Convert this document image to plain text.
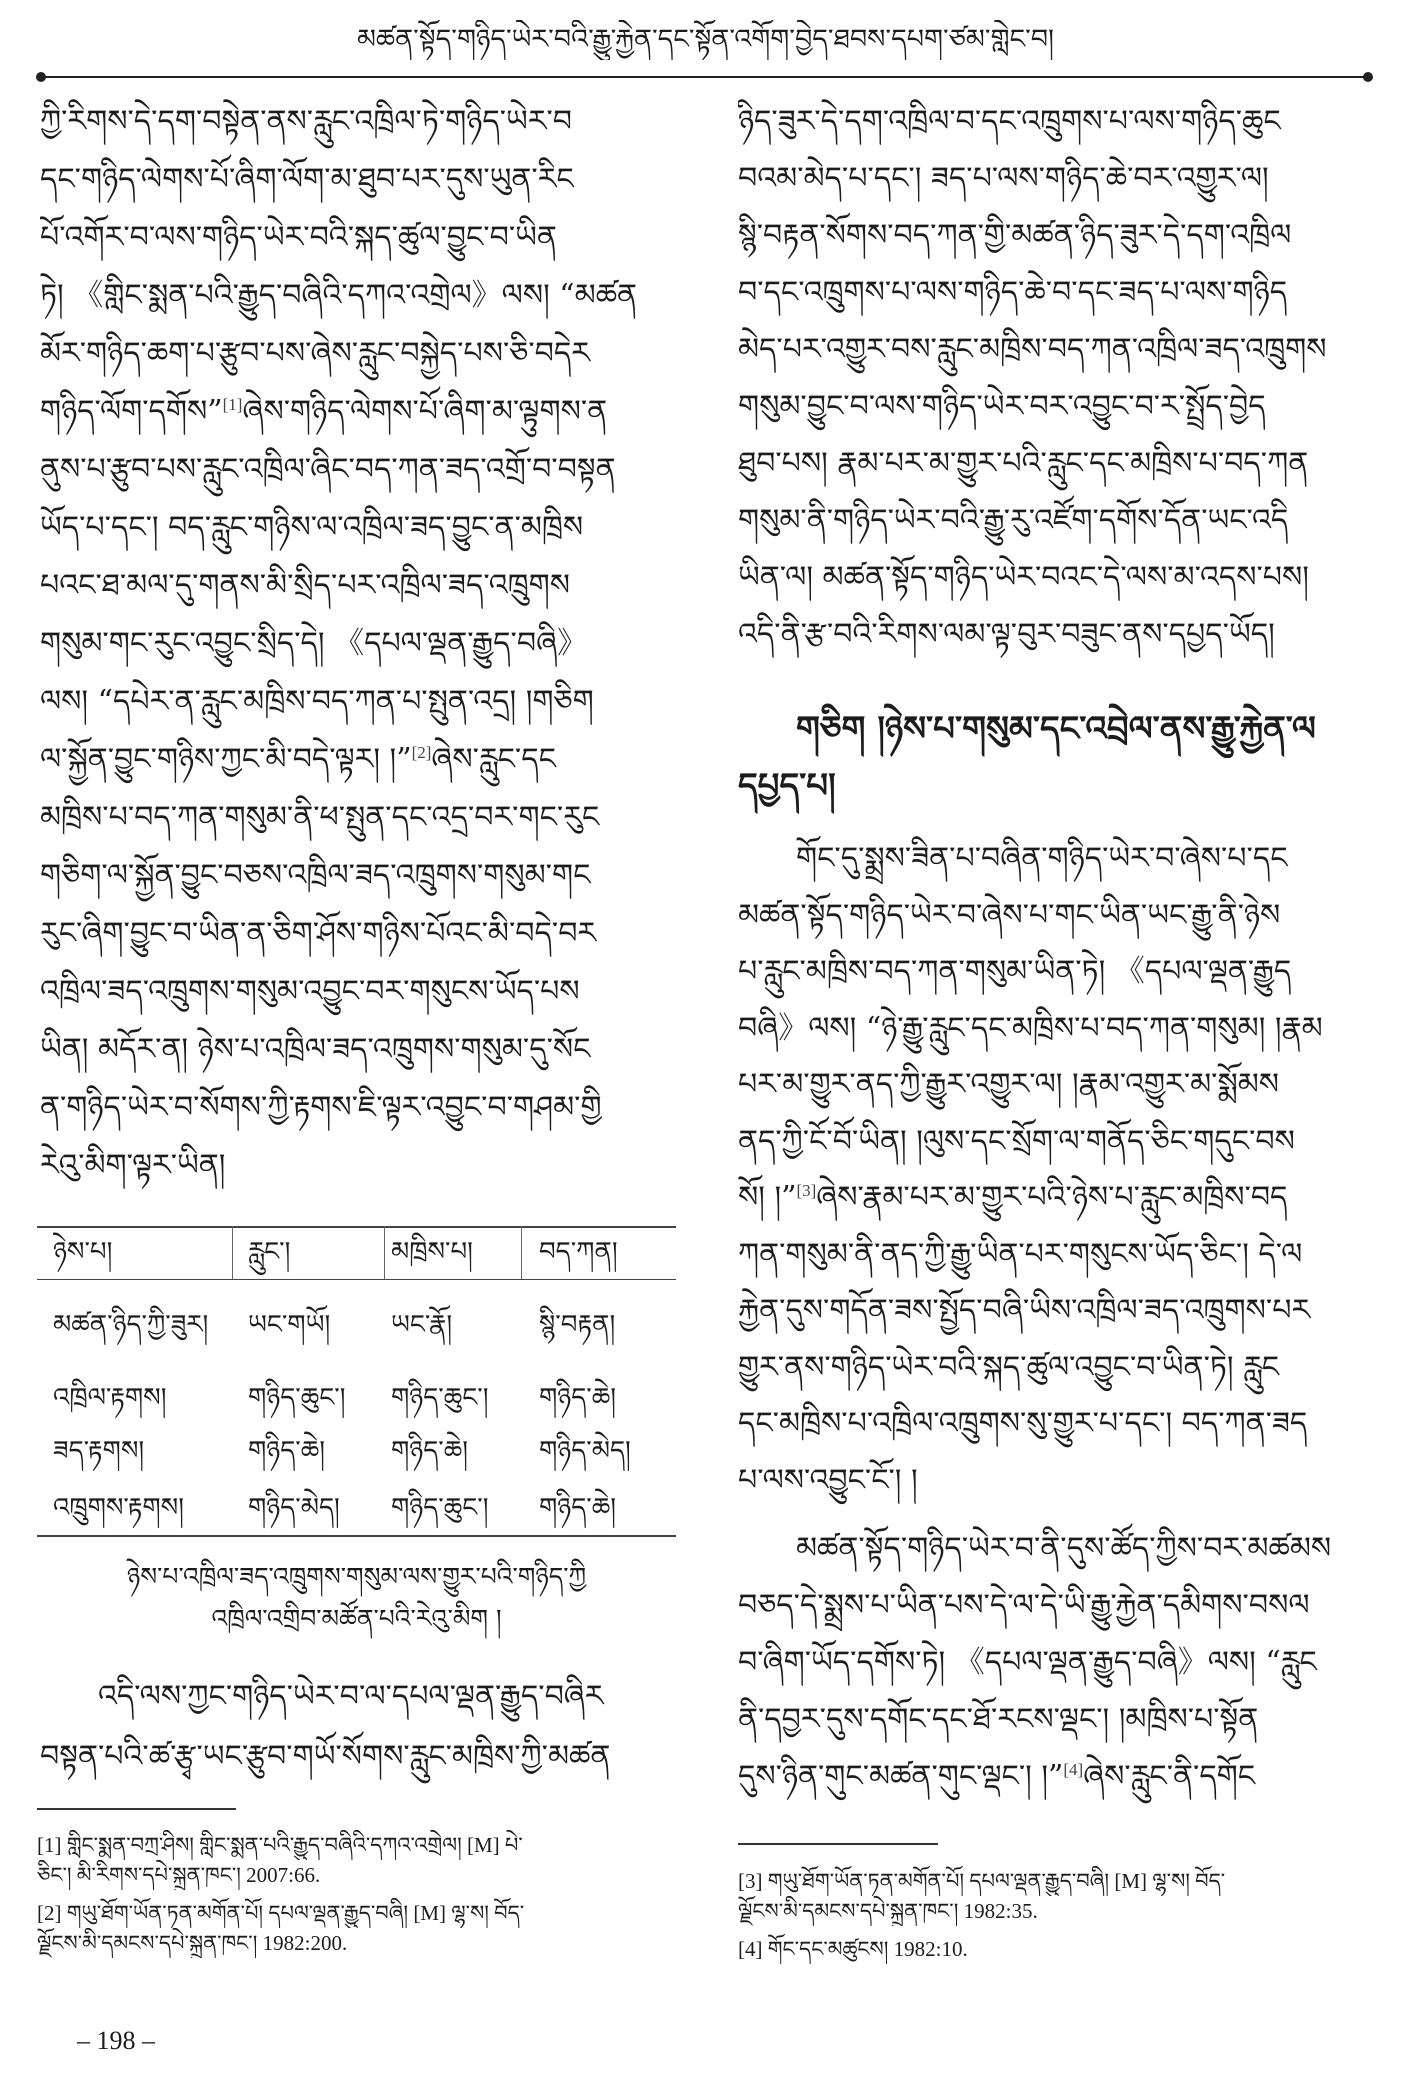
མཚན་སྟོད་གཉིད་ཡེར་བའི་རྒྱུ་རྐྱེན་དང་སྟོན་འགོག་བྱེད་ཐབས་དཔག་ཙམ་གླེང་བ།
ཀྱི་རིགས་དེ་དག་བསྟེན་ནས་རླུང་འཁྲིལ་ཏེ་གཉིད་ཡེར་བ
དང་གཉིད་ལེགས་པོ་ཞིག་ལོག་མ་ཐུབ་པར་དུས་ཡུན་རིང
པོ་འགོར་བ་ལས་གཉིད་ཡེར་བའི་སྐད་ཚུལ་བྱུང་བ་ཡིན
ཏེ། 《གླིང་སྨན་པའི་རྒྱུད་བཞིའི་དཀའ་འགྲེལ》ལས། “མཚན
མོར་གཉིད་ཆག་པ་རྩུབ་པས་ཞེས་རླུང་བསྐྱེད་པས་ཅི་བདེར
གཉིད་ལོག་དགོས”[1]ཞེས་གཉིད་ལེགས་པོ་ཞིག་མ་ལྟུགས་ན
ནུས་པ་རྩུབ་པས་རླུང་འཁྲིལ་ཞིང་བད་ཀན་ཟད་འགྲོ་བ་བསྟན
ཡོད་པ་དང་། བད་རླུང་གཉིས་ལ་འཁྲིལ་ཟད་བྱུང་ན་མཁྲིས
པའང་ཐ་མལ་དུ་གནས་མི་སྲིད་པར་འཁྲིལ་ཟད་འཁྲུགས
གསུམ་གང་རུང་འབྱུང་སྲིད་དེ། 《དཔལ་ལྡན་རྒྱུད་བཞི》
ལས། “དཔེར་ན་རླུང་མཁྲིས་བད་ཀན་པ་སྤུན་འདྲ། །གཅིག
ལ་སྐྱོན་བྱུང་གཉིས་ཀྱང་མི་བདེ་ལྟར། །”[2]ཞེས་རླུང་དང
མཁྲིས་པ་བད་ཀན་གསུམ་ནི་ཕ་སྤུན་དང་འདྲ་བར་གང་རུང
གཅིག་ལ་སྐྱོན་བྱུང་བཅས་འཁྲིལ་ཟད་འཁྲུགས་གསུམ་གང
རུང་ཞིག་བྱུང་བ་ཡིན་ན་ཅིག་ཤོས་གཉིས་པོའང་མི་བདེ་བར
འཁྲིལ་ཟད་འཁྲུགས་གསུམ་འབྱུང་བར་གསུངས་ཡོད་པས
ཡིན། མདོར་ན། ཉེས་པ་འཁྲིལ་ཟད་འཁྲུགས་གསུམ་དུ་སོང
ན་གཉིད་ཡེར་བ་སོགས་ཀྱི་རྟགས་ཇི་ལྟར་འབྱུང་བ་གཤམ་གྱི
རེའུ་མིག་ལྟར་ཡིན།
ཉེས་པ།	རླུང་།	མཁྲིས་པ།	བད་ཀན།
མཚན་ཉིད་ཀྱི་ཟུར།	ཡང་གཡོ།	ཡང་རྣོ།	སྙི་བརྟན།
འཁྲིལ་རྟགས།	གཉིད་ཆུང་།	གཉིད་ཆུང་།	གཉིད་ཆེ།
ཟད་རྟགས།	གཉིད་ཆེ།	གཉིད་ཆེ།	གཉིད་མེད།
འཁྲུགས་རྟགས།	གཉིད་མེད།	གཉིད་ཆུང་།	གཉིད་ཆེ།
ཉེས་པ་འཁྲིལ་ཟད་འཁྲུགས་གསུམ་ལས་གྱུར་པའི་གཉིད་ཀྱི
འཁྲིལ་འགྲིབ་མཚོན་པའི་རེའུ་མིག །
འདི་ལས་ཀྱང་གཉིད་ཡེར་བ་ལ་དཔལ་ལྡན་རྒྱུད་བཞིར
བསྟན་པའི་ཚ་རྩྭ་ཡང་རྩུབ་གཡོ་སོགས་རླུང་མཁྲིས་ཀྱི་མཚན
[1] གླིང་སྨན་བཀྲ་ཤིས། གླིང་སྨན་པའི་རྒྱུད་བཞིའི་དཀའ་འགྲེལ། [M] པེ་
ཅིང་། མི་རིགས་དཔེ་སྐྲུན་ཁང་། 2007:66.
[2] གཡུ་ཐོག་ཡོན་ཏན་མགོན་པོ། དཔལ་ལྡན་རྒྱུད་བཞི། [M] ལྷ་ས། བོད་
ལྗོངས་མི་དམངས་དཔེ་སྐྲུན་ཁང་། 1982:200.
ཉིད་ཟུར་དེ་དག་འཁྲིལ་བ་དང་འཁྲུགས་པ་ལས་གཉིད་ཆུང
བའམ་མེད་པ་དང་། ཟད་པ་ལས་གཉིད་ཆེ་བར་འགྱུར་ལ།
སྙི་བརྟན་སོགས་བད་ཀན་གྱི་མཚན་ཉིད་ཟུར་དེ་དག་འཁྲིལ
བ་དང་འཁྲུགས་པ་ལས་གཉིད་ཆེ་བ་དང་ཟད་པ་ལས་གཉིད
མེད་པར་འགྱུར་བས་རླུང་མཁྲིས་བད་ཀན་འཁྲིལ་ཟད་འཁྲུགས
གསུམ་བྱུང་བ་ལས་གཉིད་ཡེར་བར་འབྱུང་བ་ར་སྤྲོད་བྱེད
ཐུབ་པས། རྣམ་པར་མ་གྱུར་པའི་རླུང་དང་མཁྲིས་པ་བད་ཀན
གསུམ་ནི་གཉིད་ཡེར་བའི་རྒྱུ་རུ་འཛོག་དགོས་དོན་ཡང་འདི
ཡིན་ལ། མཚན་སྟོད་གཉིད་ཡེར་བའང་དེ་ལས་མ་འདས་པས།
འདི་ནི་རྩ་བའི་རིགས་ལམ་ལྟ་བུར་བཟུང་ནས་དཔྱད་ཡོད།
གཅིག །ཉེས་པ་གསུམ་དང་འབྲེལ་ནས་རྒྱུ་རྐྱེན་ལ
དཔྱད་པ།
གོང་དུ་སྨྲས་ཟིན་པ་བཞིན་གཉིད་ཡེར་བ་ཞེས་པ་དང
མཚན་སྟོད་གཉིད་ཡེར་བ་ཞེས་པ་གང་ཡིན་ཡང་རྒྱུ་ནི་ཉེས
པ་རླུང་མཁྲིས་བད་ཀན་གསུམ་ཡིན་ཏེ། 《དཔལ་ལྡན་རྒྱུད
བཞི》ལས། “ཉེ་རྒྱུ་རླུང་དང་མཁྲིས་པ་བད་ཀན་གསུམ། །རྣམ
པར་མ་གྱུར་ནད་ཀྱི་རྒྱུར་འགྱུར་ལ། །རྣམ་འགྱུར་མ་སྨོམས
ནད་ཀྱི་ངོ་བོ་ཡིན། །ལུས་དང་སྲོག་ལ་གནོད་ཅིང་གདུང་བས
སོ། །”[3]ཞེས་རྣམ་པར་མ་གྱུར་པའི་ཉེས་པ་རླུང་མཁྲིས་བད
ཀན་གསུམ་ནི་ནད་ཀྱི་རྒྱུ་ཡིན་པར་གསུངས་ཡོད་ཅིང་། དེ་ལ
རྐྱེན་དུས་གདོན་ཟས་སྤྱོད་བཞི་ཡིས་འཁྲིལ་ཟད་འཁྲུགས་པར
གྱུར་ནས་གཉིད་ཡེར་བའི་སྐད་ཚུལ་འབྱུང་བ་ཡིན་ཏེ། རླུང
དང་མཁྲིས་པ་འཁྲིལ་འཁྲུགས་སུ་གྱུར་པ་དང་། བད་ཀན་ཟད
པ་ལས་འབྱུང་ངོ་། །
མཚན་སྟོད་གཉིད་ཡེར་བ་ནི་དུས་ཚོད་ཀྱིས་བར་མཚམས
བཅད་དེ་སྨྲས་པ་ཡིན་པས་དེ་ལ་དེ་ཡི་རྒྱུ་རྐྱེན་དམིགས་བསལ
བ་ཞིག་ཡོད་དགོས་ཏེ། 《དཔལ་ལྡན་རྒྱུད་བཞི》ལས། “རླུང
ནི་དབྱར་དུས་དགོང་དང་ཐོ་རངས་ལྡང་། །མཁྲིས་པ་སྟོན
དུས་ཉིན་གུང་མཚན་གུང་ལྡང་། །”[4]ཞེས་རླུང་ནི་དགོང
[3] གཡུ་ཐོག་ཡོན་ཏན་མགོན་པོ། དཔལ་ལྡན་རྒྱུད་བཞི། [M] ལྷ་ས། བོད་
ལྗོངས་མི་དམངས་དཔེ་སྐྲུན་ཁང་། 1982:35.
[4] གོང་དང་མཚུངས། 1982:10.
– 198 –
